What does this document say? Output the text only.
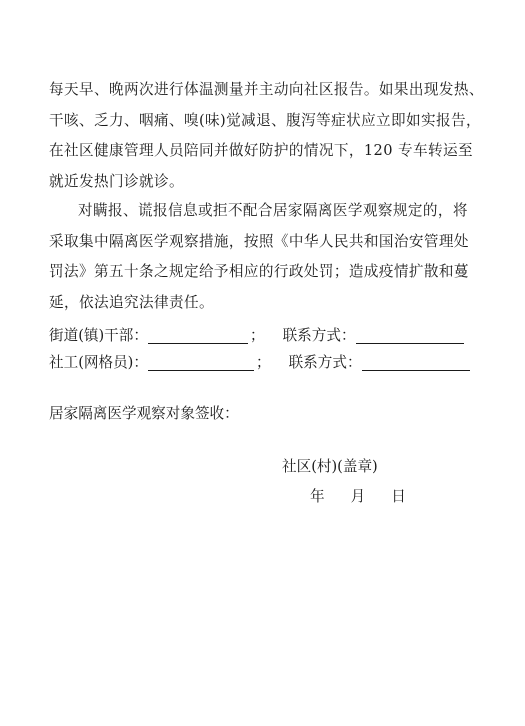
每天早、晚两次进行体温测量并主动向社区报告。如果出现发热、
干咳、乏力、咽痛、嗅(味)觉减退、腹泻等症状应立即如实报告，
在社区健康管理人员陪同并做好防护的情况下，120 专车转运至
就近发热门诊就诊。
对瞒报、谎报信息或拒不配合居家隔离医学观察规定的，将
采取集中隔离医学观察措施，按照《中华人民共和国治安管理处
罚法》第五十条之规定给予相应的行政处罚；造成疫情扩散和蔓
延，依法追究法律责任。
街道(镇)干部：	； 联系方式：
社工(网格员)：	； 联系方式：
居家隔离医学观察对象签收：
社区(村)(盖章)
年 月 日
